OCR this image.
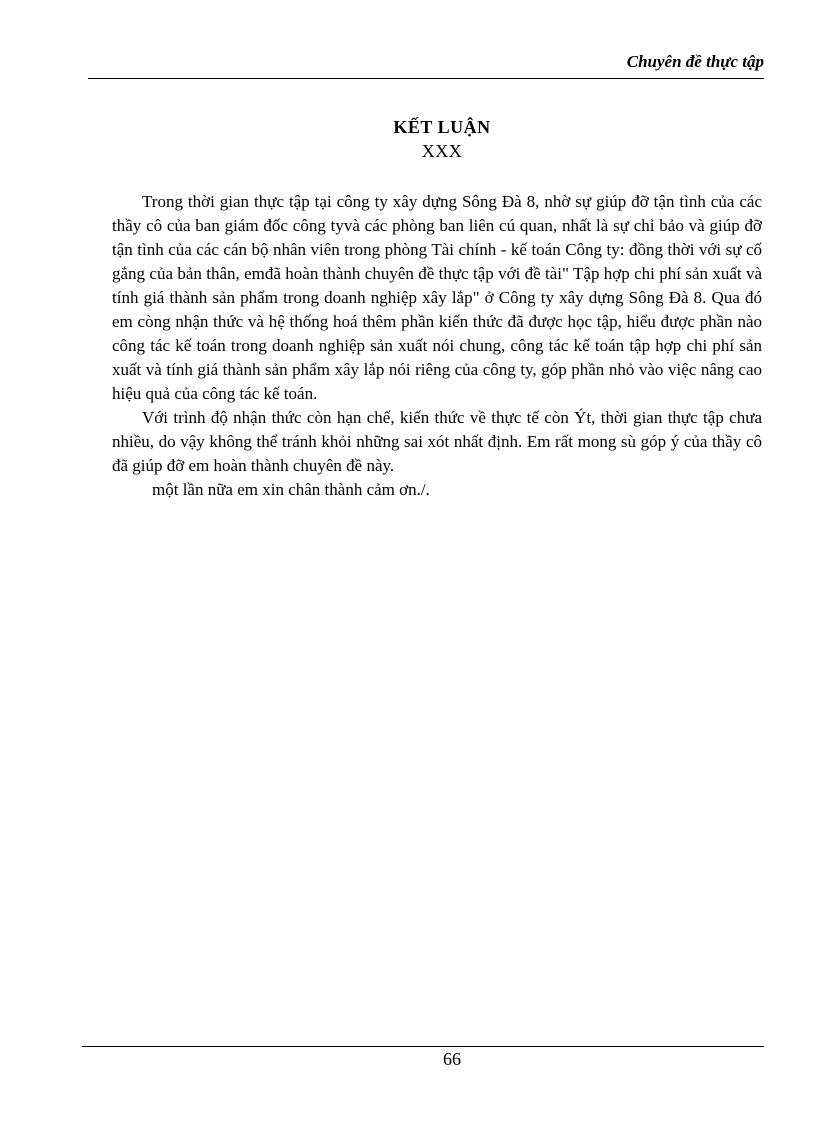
Chuyên đề thực tập
KẾT LUẬN
XXX

Trong thời gian thực tập tại công ty xây dựng Sông Đà 8, nhờ sự giúp đỡ tận tình của các thầy cô của ban giám đốc công tyvà các phòng ban liên cú quan, nhất là sự chỉ bảo và giúp đỡ tận tình của các cán bộ nhân viên trong phòng Tài chính - kế toán Công ty: đồng thời với sự cố gắng của bản thân, emđã hoàn thành chuyên đề thực tập với đề tài" Tập hợp chi phí sản xuất và tính giá thành sản phẩm trong doanh nghiệp xây lắp" ở Công ty xây dựng Sông Đà 8. Qua đó em còng nhận thức và hệ thống hoá thêm phần kiến thức đã được học tập, hiểu được phần nào công tác kế toán trong doanh nghiệp sản xuất nói chung, công tác kế toán tập hợp chi phí sản xuất và tính giá thành sản phẩm xây lắp nói riêng của công ty, góp phần nhỏ vào việc nâng cao hiệu quả của công tác kế toán.

Với trình độ nhận thức còn hạn chế, kiến thức về thực tế còn Ýt, thời gian thực tập chưa nhiều, do vậy không thể tránh khỏi những sai xót nhất định. Em rất mong sù góp ý của thầy cô đã giúp đỡ em hoàn thành chuyên đề này.

một lần nữa em xin chân thành cảm ơn./.

66
